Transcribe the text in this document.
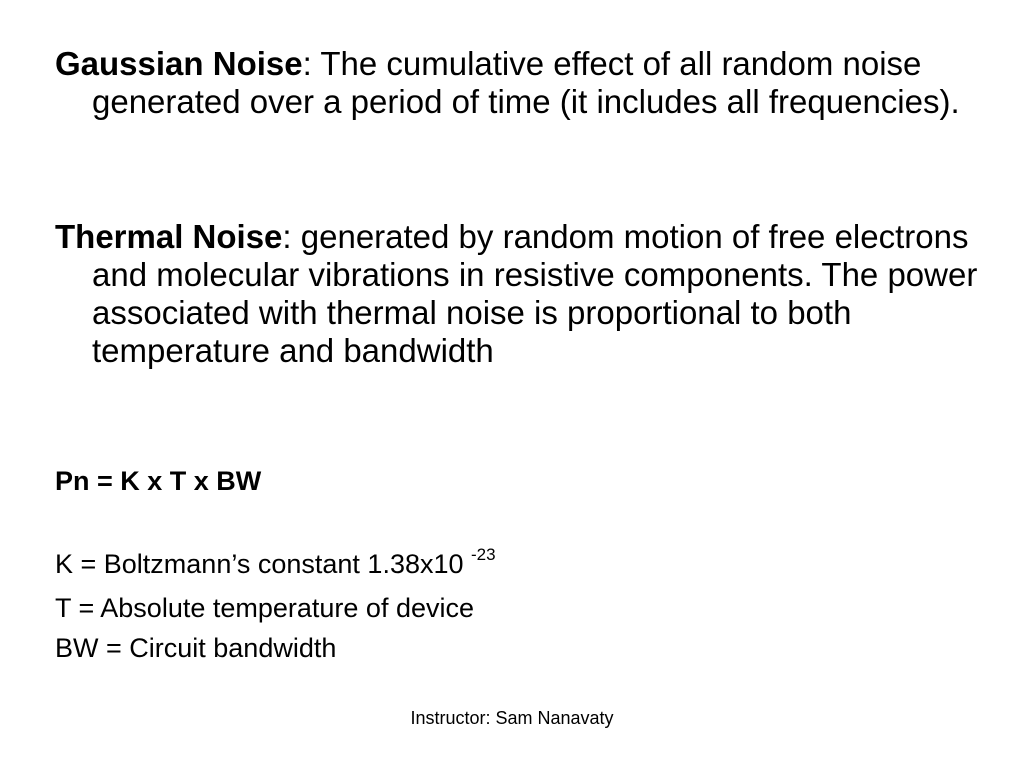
Gaussian Noise: The cumulative effect of all random noise generated over a period of time (it includes all frequencies).
Thermal Noise: generated by random motion of free electrons and molecular vibrations in resistive components. The power associated with thermal noise is proportional to both temperature and bandwidth
Pn = K x T x BW
K = Boltzmann’s constant 1.38x10 $^{-23}$
T = Absolute temperature of device
BW = Circuit bandwidth
Instructor: Sam Nanavaty
